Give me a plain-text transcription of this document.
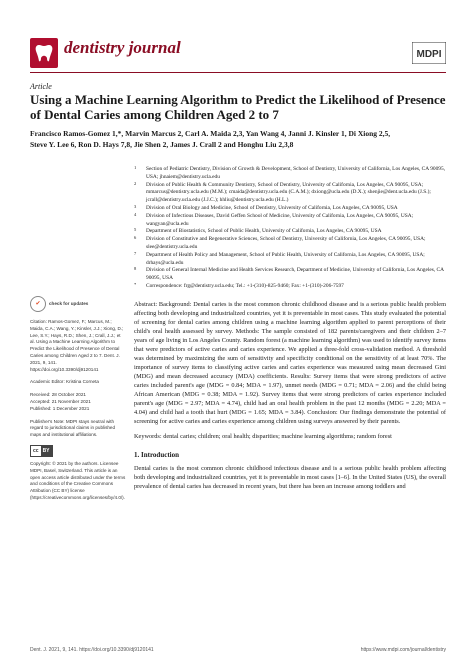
dentistry journal	MDPI
Article
Using a Machine Learning Algorithm to Predict the Likelihood of Presence of Dental Caries among Children Aged 2 to 7
Francisco Ramos-Gomez 1,*, Marvin Marcus 2, Carl A. Maida 2,3, Yan Wang 4, Janni J. Kinsler 1, Di Xiong 2,5,
Steve Y. Lee 6, Ron D. Hays 7,8, Jie Shen 2, James J. Crall 2 and Honghu Liu 2,3,8
1 Section of Pediatric Dentistry, Division of Growth & Development, School of Dentistry, University of California, Los Angeles, CA 90095, USA; jhnaiem@dentistry.ucla.edu
2 Division of Public Health & Community Dentistry, School of Dentistry, University of California, Los Angeles, CA 90095, USA; mmarcus@dentistry.ucla.edu (M.M.); cmaida@dentistry.ucla.edu (C.A.M.); dxiong@ucla.edu (D.X.); shenjie@dent.ucla.edu (J.S.); jcrall@dentistry.ucla.edu (J.J.C.); hhliu@dentistry.ucla.edu (H.L.)
3 Division of Oral Biology and Medicine, School of Dentistry, University of California, Los Angeles, CA 90095, USA
4 Division of Infectious Diseases, David Geffen School of Medicine, University of California, Los Angeles, CA 90095, USA; wangyan@ucla.edu
5 Department of Biostatistics, School of Public Health, University of California, Los Angeles, CA 90095, USA
6 Division of Constitutive and Regenerative Sciences, School of Dentistry, University of California, Los Angeles, CA 90095, USA; slee@dentistry.ucla.edu
7 Department of Health Policy and Management, School of Public Health, University of California, Los Angeles, CA 90095, USA; drhays@ucla.edu
8 Division of General Internal Medicine and Health Services Research, Department of Medicine, University of California, Los Angeles, CA 90095, USA
* Correspondence: frg@dentistry.ucla.edu; Tel.: +1-(310)-825-9460; Fax: +1-(310)-206-7597
✔	check for updates

Citation: Ramos-Gomez, F.; Marcus, M.; Maida, C.A.; Wang, Y.; Kinsler, J.J.; Xiong, D.; Lee, S.Y.; Hays, R.D.; Shen, J.; Crall, J.J.; et al. Using a Machine Learning Algorithm to Predict the Likelihood of Presence of Dental Caries among Children Aged 2 to 7. Dent. J. 2021, 9, 141. https://doi.org/10.3390/dj9120141

Academic Editor: Kristina Corneta

Received: 28 October 2021
Accepted: 21 November 2021

Published: 1 December 2021

Publisher's Note: MDPI stays neutral with regard to jurisdictional claims in published maps and institutional affiliations.

cc BY

Copyright: © 2021 by the authors. Licensee MDPI, Basel, Switzerland. This article is an open access article distributed under the terms and conditions of the Creative Commons Attribution (CC BY) license (https://creativecommons.org/licenses/by/4.0/).

Abstract: Background: Dental caries is the most common chronic childhood disease and is a serious public health problem affecting both developing and industrialized countries, yet it is preventable in most cases. This study evaluated the potential of screening for dental caries among children using a machine learning algorithm applied to parent perceptions of their child's oral health assessed by survey. Methods: The sample consisted of 182 parents/caregivers and their children 2–7 years of age living in Los Angeles County. Random forest (a machine learning algorithm) was used to identify survey items that were predictors of active caries and caries experience. We applied a three-fold cross-validation method. A threshold was determined by maximizing the sum of sensitivity and specificity conditional on the sensitivity of at least 70%. The importance of survey items to classifying active caries and caries experience was measured using mean decreased Gini (MDG) and mean decreased accuracy (MDA) coefficients. Results: Survey items that were strong predictors of active caries included parent's age (MDG = 0.84; MDA = 1.97), unmet needs (MDG = 0.71; MDA = 2.06) and the child being African American (MDG = 0.38; MDA = 1.92). Survey items that were strong predictors of caries experience included parent's age (MDG = 2.97; MDA = 4.74), child had an oral health problem in the past 12 months (MDG = 2.20; MDA = 4.04) and child had a tooth that hurt (MDG = 1.65; MDA = 3.84). Conclusion: Our findings demonstrate the potential of screening for active caries and caries experience among children using surveys answered by their parents.

Keywords: dental caries; children; oral health; disparities; machine learning algorithms; random forest

1. Introduction

Dental caries is the most common chronic childhood infectious disease and is a serious public health problem affecting both developing and industrialized countries, yet it is preventable in most cases [1–6]. In the United States (US), the overall prevalence of dental caries has decreased in recent years, but there has been an increase among toddlers and

Dent. J. 2021, 9, 141. https://doi.org/10.3390/dj9120141	https://www.mdpi.com/journal/dentistry
